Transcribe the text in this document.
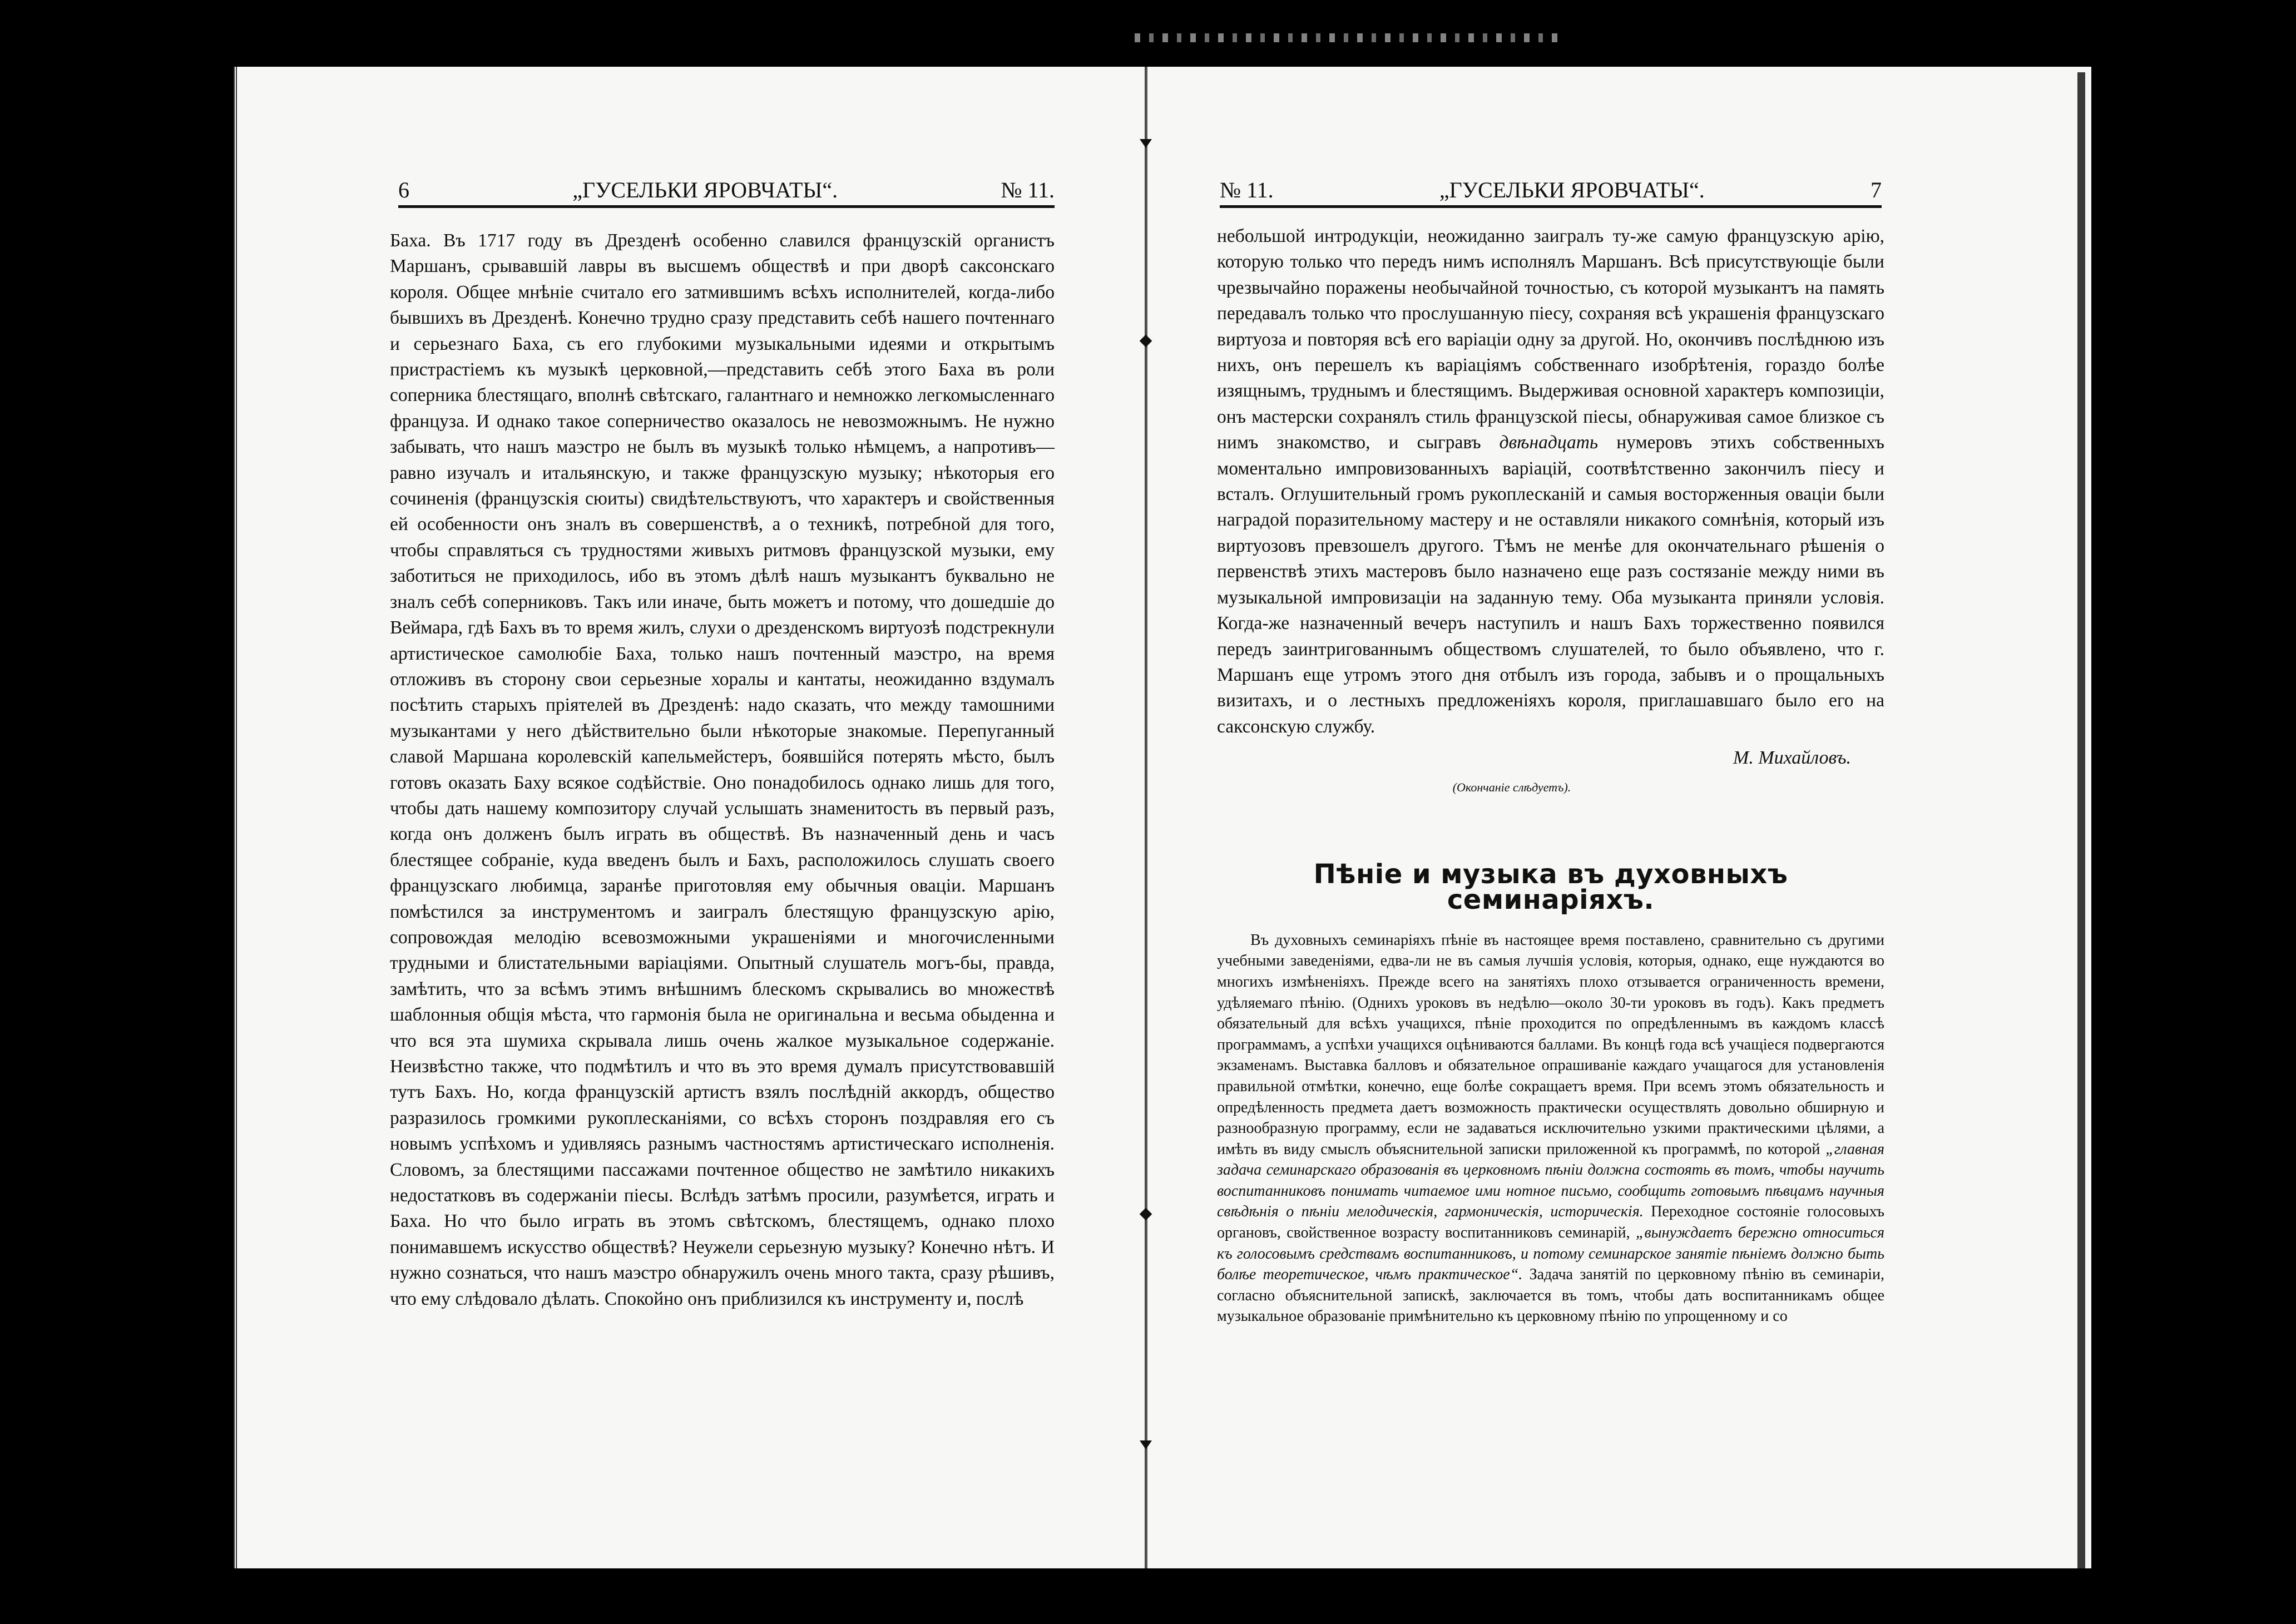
6	„ГУСЕЛЬКИ ЯРОВЧАТЫ“.	№ 11.

Баха. Въ 1717 году въ Дрезденѣ особенно славился французскій органистъ Маршанъ, срывавшій лавры въ высшемъ обществѣ и при дворѣ саксонскаго короля. Общее мнѣніе считало его затмившимъ всѣхъ исполнителей, когда-либо бывшихъ въ Дрезденѣ. Конечно трудно сразу представить себѣ нашего почтеннаго и серьезнаго Баха, съ его глубокими музыкальными идеями и открытымъ пристрастіемъ къ музыкѣ церковной,—представить себѣ этого Баха въ роли соперника блестящаго, вполнѣ свѣтскаго, галантнаго и немножко легкомысленнаго француза. И однако такое соперничество оказалось не невозможнымъ. Не нужно забывать, что нашъ маэстро не былъ въ музыкѣ только нѣмцемъ, а напротивъ—равно изучалъ и итальянскую, и также французскую музыку; нѣкоторыя его сочиненія (французскія сюиты) свидѣтельствуютъ, что характеръ и свойственныя ей особенности онъ зналъ въ совершенствѣ, а о техникѣ, потребной для того, чтобы справляться съ трудностями живыхъ ритмовъ французской музыки, ему заботиться не приходилось, ибо въ этомъ дѣлѣ нашъ музыкантъ буквально не зналъ себѣ соперниковъ. Такъ или иначе, быть можетъ и потому, что дошедшіе до Веймара, гдѣ Бахъ въ то время жилъ, слухи о дрезденскомъ виртуозѣ подстрекнули артистическое самолюбіе Баха, только нашъ почтенный маэстро, на время отложивъ въ сторону свои серьезные хоралы и кантаты, неожиданно вздумалъ посѣтить старыхъ пріятелей въ Дрезденѣ: надо сказать, что между тамошними музыкантами у него дѣйствительно были нѣкоторые знакомые. Перепуганный славой Маршана королевскій капельмейстеръ, боявшійся потерять мѣсто, былъ готовъ оказать Баху всякое содѣйствіе. Оно понадобилось однако лишь для того, чтобы дать нашему композитору случай услышать знаменитость въ первый разъ, когда онъ долженъ былъ играть въ обществѣ. Въ назначенный день и часъ блестящее собраніе, куда введенъ былъ и Бахъ, расположилось слушать своего французскаго любимца, заранѣе приготовляя ему обычныя оваціи. Маршанъ помѣстился за инструментомъ и заигралъ блестящую французскую арію, сопровождая мелодію всевозможными украшеніями и многочисленными трудными и блистательными варіаціями. Опытный слушатель могъ-бы, правда, замѣтить, что за всѣмъ этимъ внѣшнимъ блескомъ скрывались во множествѣ шаблонныя общія мѣста, что гармонія была не оригинальна и весьма обыденна и что вся эта шумиха скрывала лишь очень жалкое музыкальное содержаніе. Неизвѣстно также, что подмѣтилъ и что въ это время думалъ присутствовавшій тутъ Бахъ. Но, когда французскій артистъ взялъ послѣдній аккордъ, общество разразилось громкими рукоплесканіями, со всѣхъ сторонъ поздравляя его съ новымъ успѣхомъ и удивляясь разнымъ частностямъ артистическаго исполненія. Словомъ, за блестящими пассажами почтенное общество не замѣтило никакихъ недостатковъ въ содержаніи піесы. Вслѣдъ затѣмъ просили, разумѣется, играть и Баха. Но что было играть въ этомъ свѣтскомъ, блестящемъ, однако плохо понимавшемъ искусство обществѣ? Неужели серьезную музыку? Конечно нѣтъ. И нужно сознаться, что нашъ маэстро обнаружилъ очень много такта, сразу рѣшивъ, что ему слѣдовало дѣлать. Спокойно онъ приблизился къ инструменту и, послѣ

№ 11.	„ГУСЕЛЬКИ ЯРОВЧАТЫ“.	7

небольшой интродукціи, неожиданно заигралъ ту-же самую французскую арію, которую только что передъ нимъ исполнялъ Маршанъ. Всѣ присутствующіе были чрезвычайно поражены необычайной точностью, съ которой музыкантъ на память передавалъ только что прослушанную піесу, сохраняя всѣ украшенія французскаго виртуоза и повторяя всѣ его варіаціи одну за другой. Но, окончивъ послѣднюю изъ нихъ, онъ перешелъ къ варіаціямъ собственнаго изобрѣтенія, гораздо болѣе изящнымъ, труднымъ и блестящимъ. Выдерживая основной характеръ композиціи, онъ мастерски сохранялъ стиль французской піесы, обнаруживая самое близкое съ нимъ знакомство, и сыгравъ двѣнадцать нумеровъ этихъ собственныхъ моментально импровизованныхъ варіацій, соотвѣтственно закончилъ піесу и всталъ. Оглушительный громъ рукоплесканій и самыя восторженныя оваціи были наградой поразительному мастеру и не оставляли никакого сомнѣнія, который изъ виртуозовъ превзошелъ другого. Тѣмъ не менѣе для окончательнаго рѣшенія о первенствѣ этихъ мастеровъ было назначено еще разъ состязаніе между ними въ музыкальной импровизаціи на заданную тему. Оба музыканта приняли условія. Когда-же назначенный вечеръ наступилъ и нашъ Бахъ торжественно появился передъ заинтригованнымъ обществомъ слушателей, то было объявлено, что г. Маршанъ еще утромъ этого дня отбылъ изъ города, забывъ и о прощальныхъ визитахъ, и о лестныхъ предложеніяхъ короля, приглашавшаго было его на саксонскую службу.

М. Михайловъ.
(Окончаніе слѣдуетъ).
Пѣніе и музыка въ духовныхъ семинаріяхъ.

Въ духовныхъ семинаріяхъ пѣніе въ настоящее время поставлено, сравнительно съ другими учебными заведеніями, едва-ли не въ самыя лучшія условія, которыя, однако, еще нуждаются во многихъ измѣненіяхъ. Прежде всего на занятіяхъ плохо отзывается ограниченность времени, удѣляемаго пѣнію. (Однихъ уроковъ въ недѣлю—около 30-ти уроковъ въ годъ). Какъ предметъ обязательный для всѣхъ учащихся, пѣніе проходится по опредѣленнымъ въ каждомъ классѣ программамъ, а успѣхи учащихся оцѣниваются баллами. Въ концѣ года всѣ учащіеся подвергаются экзаменамъ. Выставка балловъ и обязательное опрашиваніе каждаго учащагося для установленія правильной отмѣтки, конечно, еще болѣе сокращаетъ время. При всемъ этомъ обязательность и опредѣленность предмета даетъ возможность практически осуществлять довольно обширную и разнообразную программу, если не задаваться исключительно узкими практическими цѣлями, а имѣть въ виду смыслъ объяснительной записки приложенной къ программѣ, по которой „главная задача семинарскаго образованія въ церковномъ пѣніи должна состоять въ томъ, чтобы научить воспитанниковъ понимать читаемое ими нотное письмо, сообщить готовымъ пѣвцамъ научныя свѣдѣнія о пѣніи мелодическія, гармоническія, историческія. Переходное состояніе голосовыхъ органовъ, свойственное возрасту воспитанниковъ семинарій, „вынуждаетъ бережно относиться къ голосовымъ средствамъ воспитанниковъ, и потому семинарское занятіе пѣніемъ должно быть болѣе теоретическое, чѣмъ практическое“. Задача занятій по церковному пѣнію въ семинаріи, согласно объяснительной запискѣ, заключается въ томъ, чтобы дать воспитанникамъ общее музыкальное образованіе примѣнительно къ церковному пѣнію по упрощенному и со
